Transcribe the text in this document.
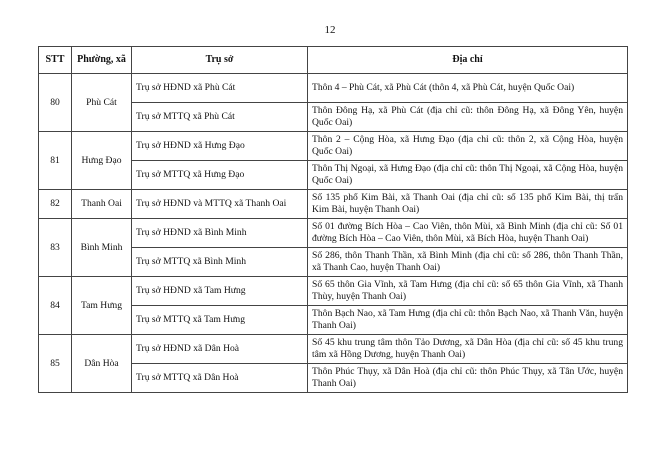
12
STT	Phường, xã	Trụ sở	Địa chỉ
80	Phù Cát	Trụ sở HĐND xã Phù Cát	Thôn 4 – Phù Cát, xã Phù Cát (thôn 4, xã Phù Cát, huyện Quốc Oai)
		Trụ sở MTTQ xã Phù Cát	Thôn Đông Hạ, xã Phù Cát (địa chỉ cũ: thôn Đông Hạ, xã Đông Yên, huyện Quốc Oai)
81	Hưng Đạo	Trụ sở HĐND xã Hưng Đạo	Thôn 2 – Cộng Hòa, xã Hưng Đạo (địa chỉ cũ: thôn 2, xã Cộng Hòa, huyện Quốc Oai)
		Trụ sở MTTQ xã Hưng Đạo	Thôn Thị Ngoại, xã Hưng Đạo (địa chỉ cũ: thôn Thị Ngoại, xã Cộng Hòa, huyện Quốc Oai)
82	Thanh Oai	Trụ sở HĐND và MTTQ xã Thanh Oai	Số 135 phố Kim Bài, xã Thanh Oai (địa chỉ cũ: số 135 phố Kim Bài, thị trấn Kim Bài, huyện Thanh Oai)
83	Bình Minh	Trụ sở HĐND xã Bình Minh	Số 01 đường Bích Hòa – Cao Viên, thôn Mùi, xã Bình Minh (địa chỉ cũ: Số 01 đường Bích Hòa – Cao Viên, thôn Mùi, xã Bích Hòa, huyện Thanh Oai)
		Trụ sở MTTQ xã Bình Minh	Số 286, thôn Thanh Thần, xã Bình Minh (địa chỉ cũ: số 286, thôn Thanh Thần, xã Thanh Cao, huyện Thanh Oai)
84	Tam Hưng	Trụ sở HĐND xã Tam Hưng	Số 65 thôn Gia Vĩnh, xã Tam Hưng (địa chỉ cũ: số 65 thôn Gia Vĩnh, xã Thanh Thùy, huyện Thanh Oai)
		Trụ sở MTTQ xã Tam Hưng	Thôn Bạch Nao, xã Tam Hưng (địa chỉ cũ: thôn Bạch Nao, xã Thanh Văn, huyện Thanh Oai)
85	Dân Hòa	Trụ sở HĐND xã Dân Hoà	Số 45 khu trung tâm thôn Tảo Dương, xã Dân Hòa (địa chỉ cũ: số 45 khu trung tâm xã Hồng Dương, huyện Thanh Oai)
		Trụ sở MTTQ xã Dân Hoà	Thôn Phúc Thụy, xã Dân Hoà (địa chỉ cũ: thôn Phúc Thụy, xã Tân Ước, huyện Thanh Oai)
